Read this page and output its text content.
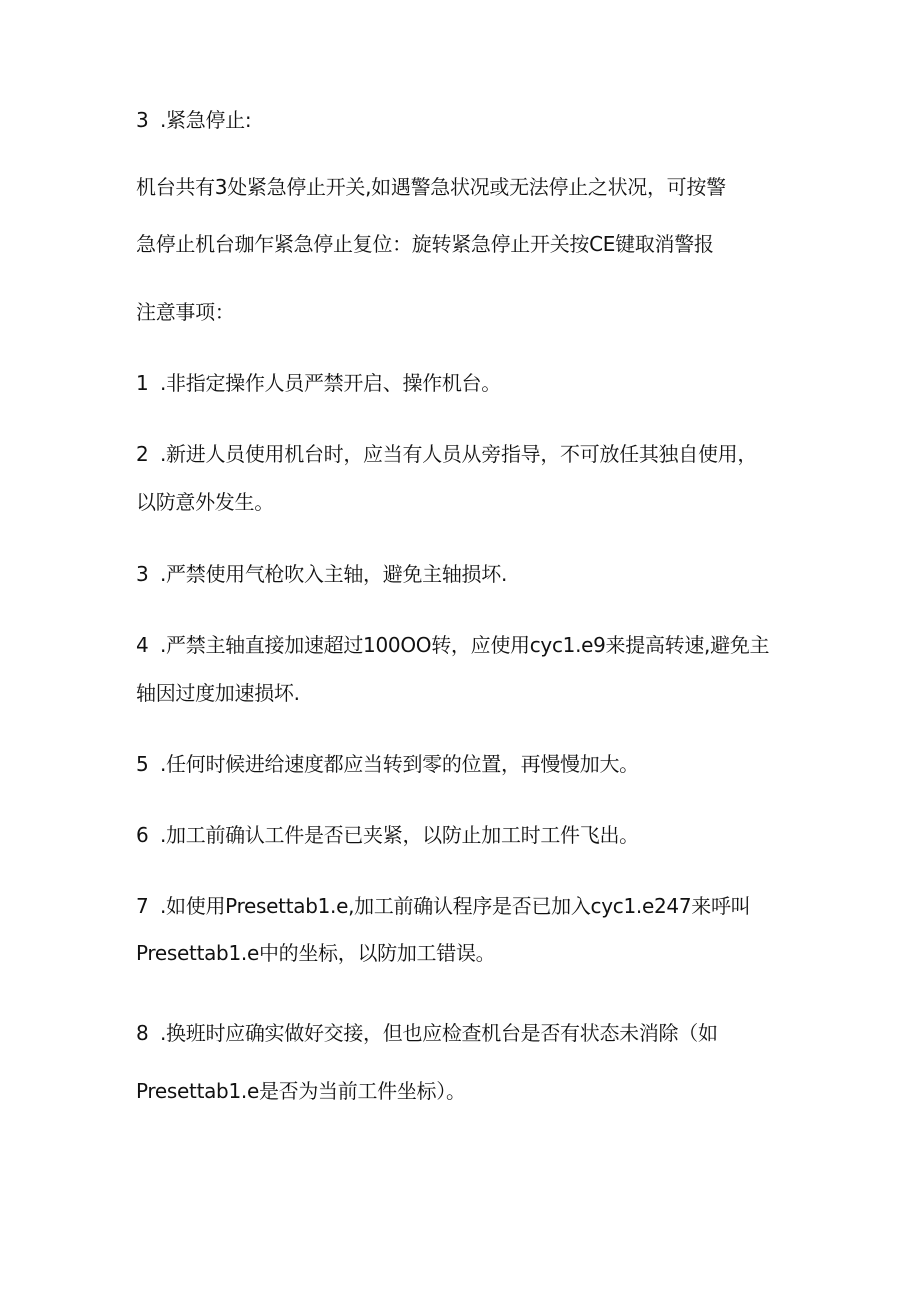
3 .紧急停止:
机台共有3处紧急停止开关,如遇警急状况或无法停止之状况，可按警
急停止机台珈乍紧急停止复位：旋转紧急停止开关按CE键取消警报
注意事项：
1 .非指定操作人员严禁开启、操作机台。
2 .新进人员使用机台时，应当有人员从旁指导，不可放任其独自使用，
以防意外发生。
3 .严禁使用气枪吹入主轴，避免主轴损坏.
4 .严禁主轴直接加速超过100OO转，应使用cyc1.e9来提高转速,避免主
轴因过度加速损坏.
5 .任何时候进给速度都应当转到零的位置，再慢慢加大。
6 .加工前确认工件是否已夹紧，以防止加工时工件飞出。
7 .如使用Presettab1.e,加工前确认程序是否已加入cyc1.e247来呼叫
Presettab1.e中的坐标，以防加工错误。
8 .换班时应确实做好交接，但也应检查机台是否有状态未消除（如
Presettab1.e是否为当前工件坐标）。
